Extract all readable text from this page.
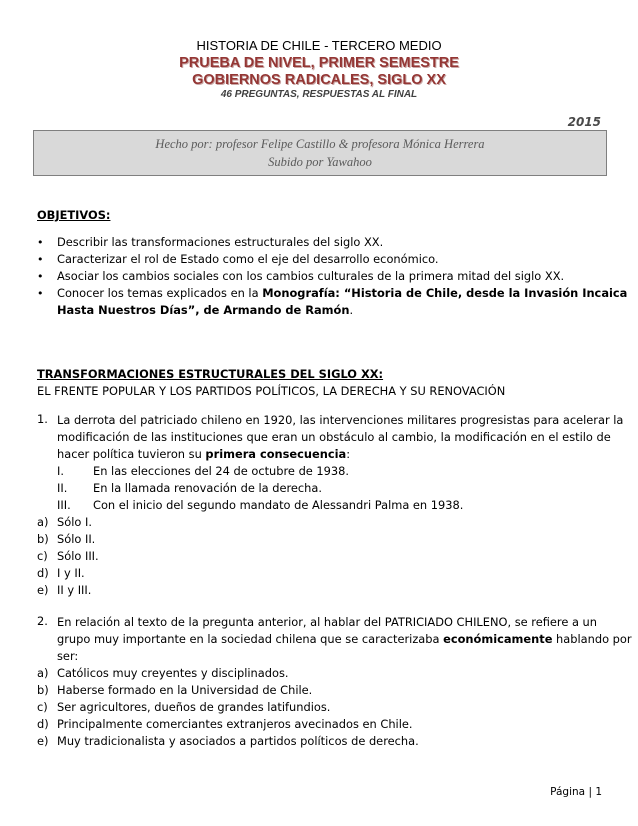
HISTORIA DE CHILE - TERCERO MEDIO
PRUEBA DE NIVEL, PRIMER SEMESTRE
GOBIERNOS RADICALES, SIGLO XX
46 PREGUNTAS, RESPUESTAS AL FINAL
2015
Hecho por: profesor Felipe Castillo & profesora Mónica Herrera
Subido por Yawahoo
OBJETIVOS:
• Describir las transformaciones estructurales del siglo XX.
• Caracterizar el rol de Estado como el eje del desarrollo económico.
• Asociar los cambios sociales con los cambios culturales de la primera mitad del siglo XX.
• Conocer los temas explicados en la Monografía: “Historia de Chile, desde la Invasión Incaica
Hasta Nuestros Días”, de Armando de Ramón.
TRANSFORMACIONES ESTRUCTURALES DEL SIGLO XX:
EL FRENTE POPULAR Y LOS PARTIDOS POLÍTICOS, LA DERECHA Y SU RENOVACIÓN
1. La derrota del patriciado chileno en 1920, las intervenciones militares progresistas para acelerar la
modificación de las instituciones que eran un obstáculo al cambio, la modificación en el estilo de
hacer política tuvieron su primera consecuencia:
I.	En las elecciones del 24 de octubre de 1938.
II. En la llamada renovación de la derecha.
III. Con el inicio del segundo mandato de Alessandri Palma en 1938.
a) Sólo I.
b) Sólo II.
c) Sólo III.
d) I y II.
e) II y III.
2. En relación al texto de la pregunta anterior, al hablar del PATRICIADO CHILENO, se refiere a un
grupo muy importante en la sociedad chilena que se caracterizaba económicamente hablando por
ser:
a) Católicos muy creyentes y disciplinados.
b) Haberse formado en la Universidad de Chile.
c) Ser agricultores, dueños de grandes latifundios.
d) Principalmente comerciantes extranjeros avecinados en Chile.
e) Muy tradicionalista y asociados a partidos políticos de derecha.
Página | 1
